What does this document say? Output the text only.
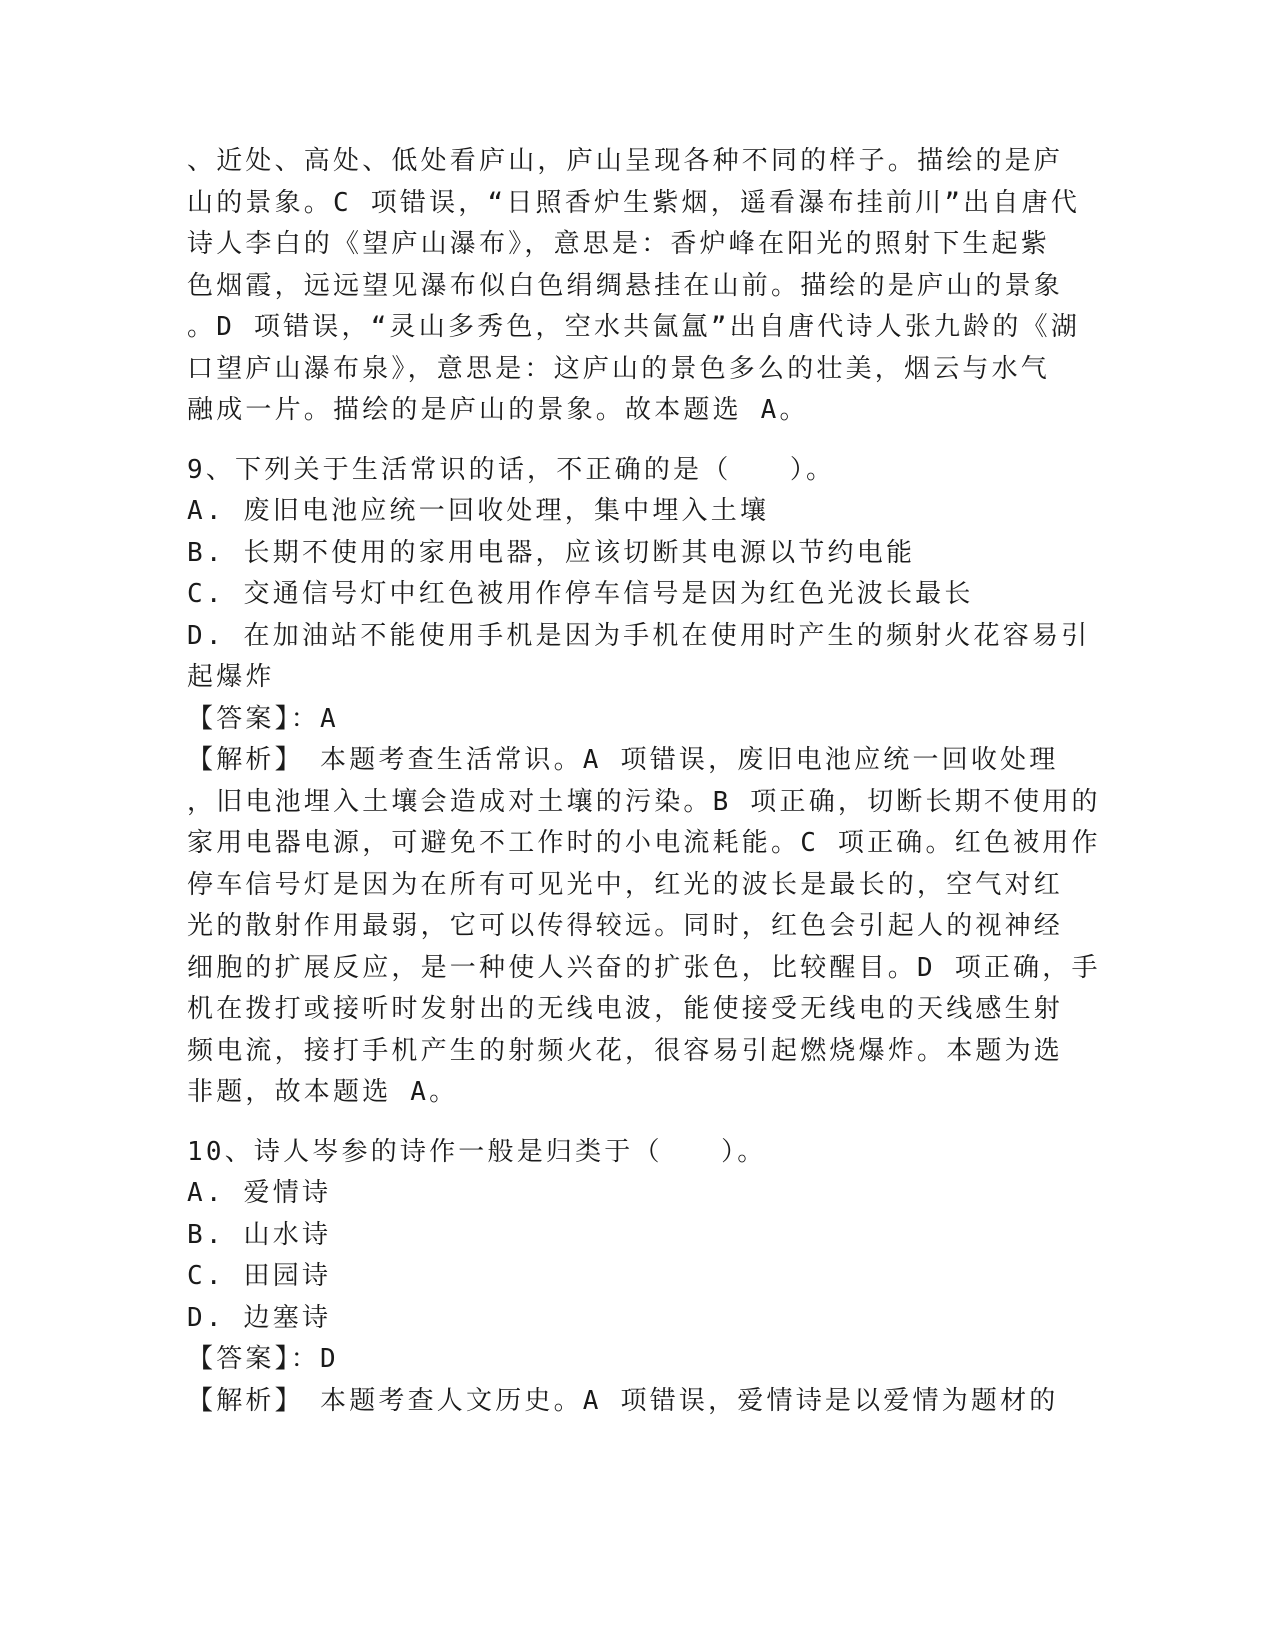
、近处、高处、低处看庐山，庐山呈现各种不同的样子。描绘的是庐
山的景象。C 项错误，“日照香炉生紫烟，遥看瀑布挂前川”出自唐代
诗人李白的《望庐山瀑布》，意思是：香炉峰在阳光的照射下生起紫
色烟霞，远远望见瀑布似白色绢绸悬挂在山前。描绘的是庐山的景象
。D 项错误，“灵山多秀色，空水共氤氲”出自唐代诗人张九龄的《湖
口望庐山瀑布泉》，意思是：这庐山的景色多么的壮美，烟云与水气
融成一片。描绘的是庐山的景象。故本题选 A。
9、下列关于生活常识的话，不正确的是（　　）。
A. 废旧电池应统一回收处理，集中埋入土壤
B. 长期不使用的家用电器，应该切断其电源以节约电能
C. 交通信号灯中红色被用作停车信号是因为红色光波长最长
D. 在加油站不能使用手机是因为手机在使用时产生的频射火花容易引
起爆炸
【答案】：A
【解析】　本题考查生活常识。A 项错误，废旧电池应统一回收处理
，旧电池埋入土壤会造成对土壤的污染。B 项正确，切断长期不使用的
家用电器电源，可避免不工作时的小电流耗能。C 项正确。红色被用作
停车信号灯是因为在所有可见光中，红光的波长是最长的，空气对红
光的散射作用最弱，它可以传得较远。同时，红色会引起人的视神经
细胞的扩展反应，是一种使人兴奋的扩张色，比较醒目。D 项正确，手
机在拨打或接听时发射出的无线电波，能使接受无线电的天线感生射
频电流，接打手机产生的射频火花，很容易引起燃烧爆炸。本题为选
非题，故本题选 A。
10、诗人岑参的诗作一般是归类于（　　）。
A. 爱情诗
B. 山水诗
C. 田园诗
D. 边塞诗
【答案】：D
【解析】　本题考查人文历史。A 项错误，爱情诗是以爱情为题材的
